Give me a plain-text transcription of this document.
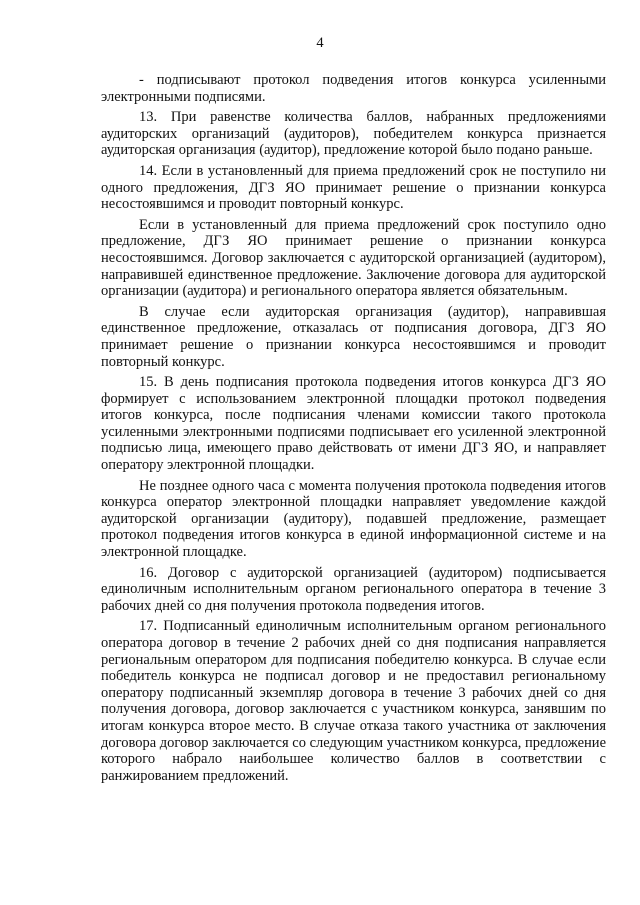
4

- подписывают протокол подведения итогов конкурса усиленными электронными подписями.

13. При равенстве количества баллов, набранных предложениями аудиторских организаций (аудиторов), победителем конкурса признается аудиторская организация (аудитор), предложение которой было подано раньше.

14. Если в установленный для приема предложений срок не поступило ни одного предложения, ДГЗ ЯО принимает решение о признании конкурса несостоявшимся и проводит повторный конкурс.

Если в установленный для приема предложений срок поступило одно предложение, ДГЗ ЯО принимает решение о признании конкурса несостоявшимся. Договор заключается с аудиторской организацией (аудитором), направившей единственное предложение. Заключение договора для аудиторской организации (аудитора) и регионального оператора является обязательным.

В случае если аудиторская организация (аудитор), направившая единственное предложение, отказалась от подписания договора, ДГЗ ЯО принимает решение о признании конкурса несостоявшимся и проводит повторный конкурс.

15. В день подписания протокола подведения итогов конкурса ДГЗ ЯО формирует с использованием электронной площадки протокол подведения итогов конкурса, после подписания членами комиссии такого протокола усиленными электронными подписями подписывает его усиленной электронной подписью лица, имеющего право действовать от имени ДГЗ ЯО, и направляет оператору электронной площадки.

Не позднее одного часа с момента получения протокола подведения итогов конкурса оператор электронной площадки направляет уведомление каждой аудиторской организации (аудитору), подавшей предложение, размещает протокол подведения итогов конкурса в единой информационной системе и на электронной площадке.

16. Договор с аудиторской организацией (аудитором) подписывается единоличным исполнительным органом регионального оператора в течение 3 рабочих дней со дня получения протокола подведения итогов.

17. Подписанный единоличным исполнительным органом регионального оператора договор в течение 2 рабочих дней со дня подписания направляется региональным оператором для подписания победителю конкурса. В случае если победитель конкурса не подписал договор и не предоставил региональному оператору подписанный экземпляр договора в течение 3 рабочих дней со дня получения договора, договор заключается с участником конкурса, занявшим по итогам конкурса второе место. В случае отказа такого участника от заключения договора договор заключается со следующим участником конкурса, предложение которого набрало наибольшее количество баллов в соответствии с ранжированием предложений.
